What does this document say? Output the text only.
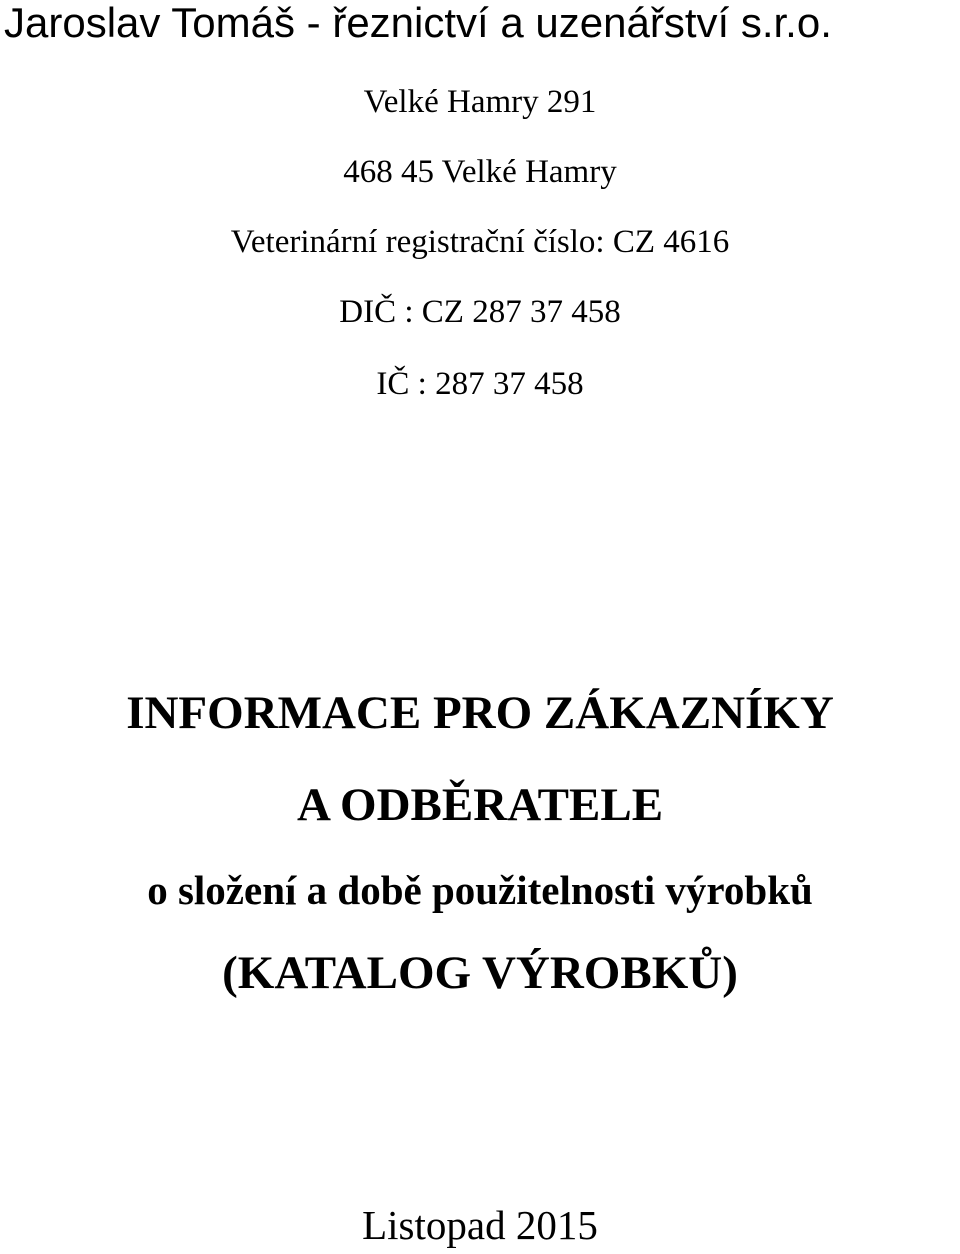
Jaroslav Tomáš - řeznictví a uzenářství s.r.o.
Velké Hamry 291
468 45 Velké Hamry
Veterinární registrační číslo: CZ 4616
DIČ : CZ 287 37 458
IČ : 287 37 458
INFORMACE PRO ZÁKAZNÍKY
A ODBĚRATELE
o složení a době použitelnosti výrobků
(KATALOG VÝROBKŮ)
Listopad 2015
